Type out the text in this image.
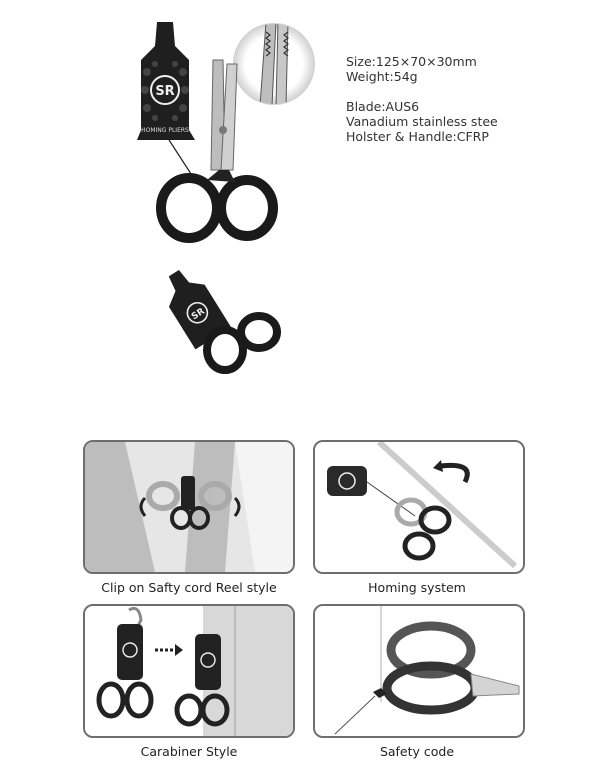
Size:125×70×30mm
Weight:54g
Blade:AUS6
Vanadium stainless stee
Holster & Handle:CFRP
SR
HOMING PLIERS
SR
Clip on Safty cord Reel style	Homing system
Carabiner Style	Safety code
